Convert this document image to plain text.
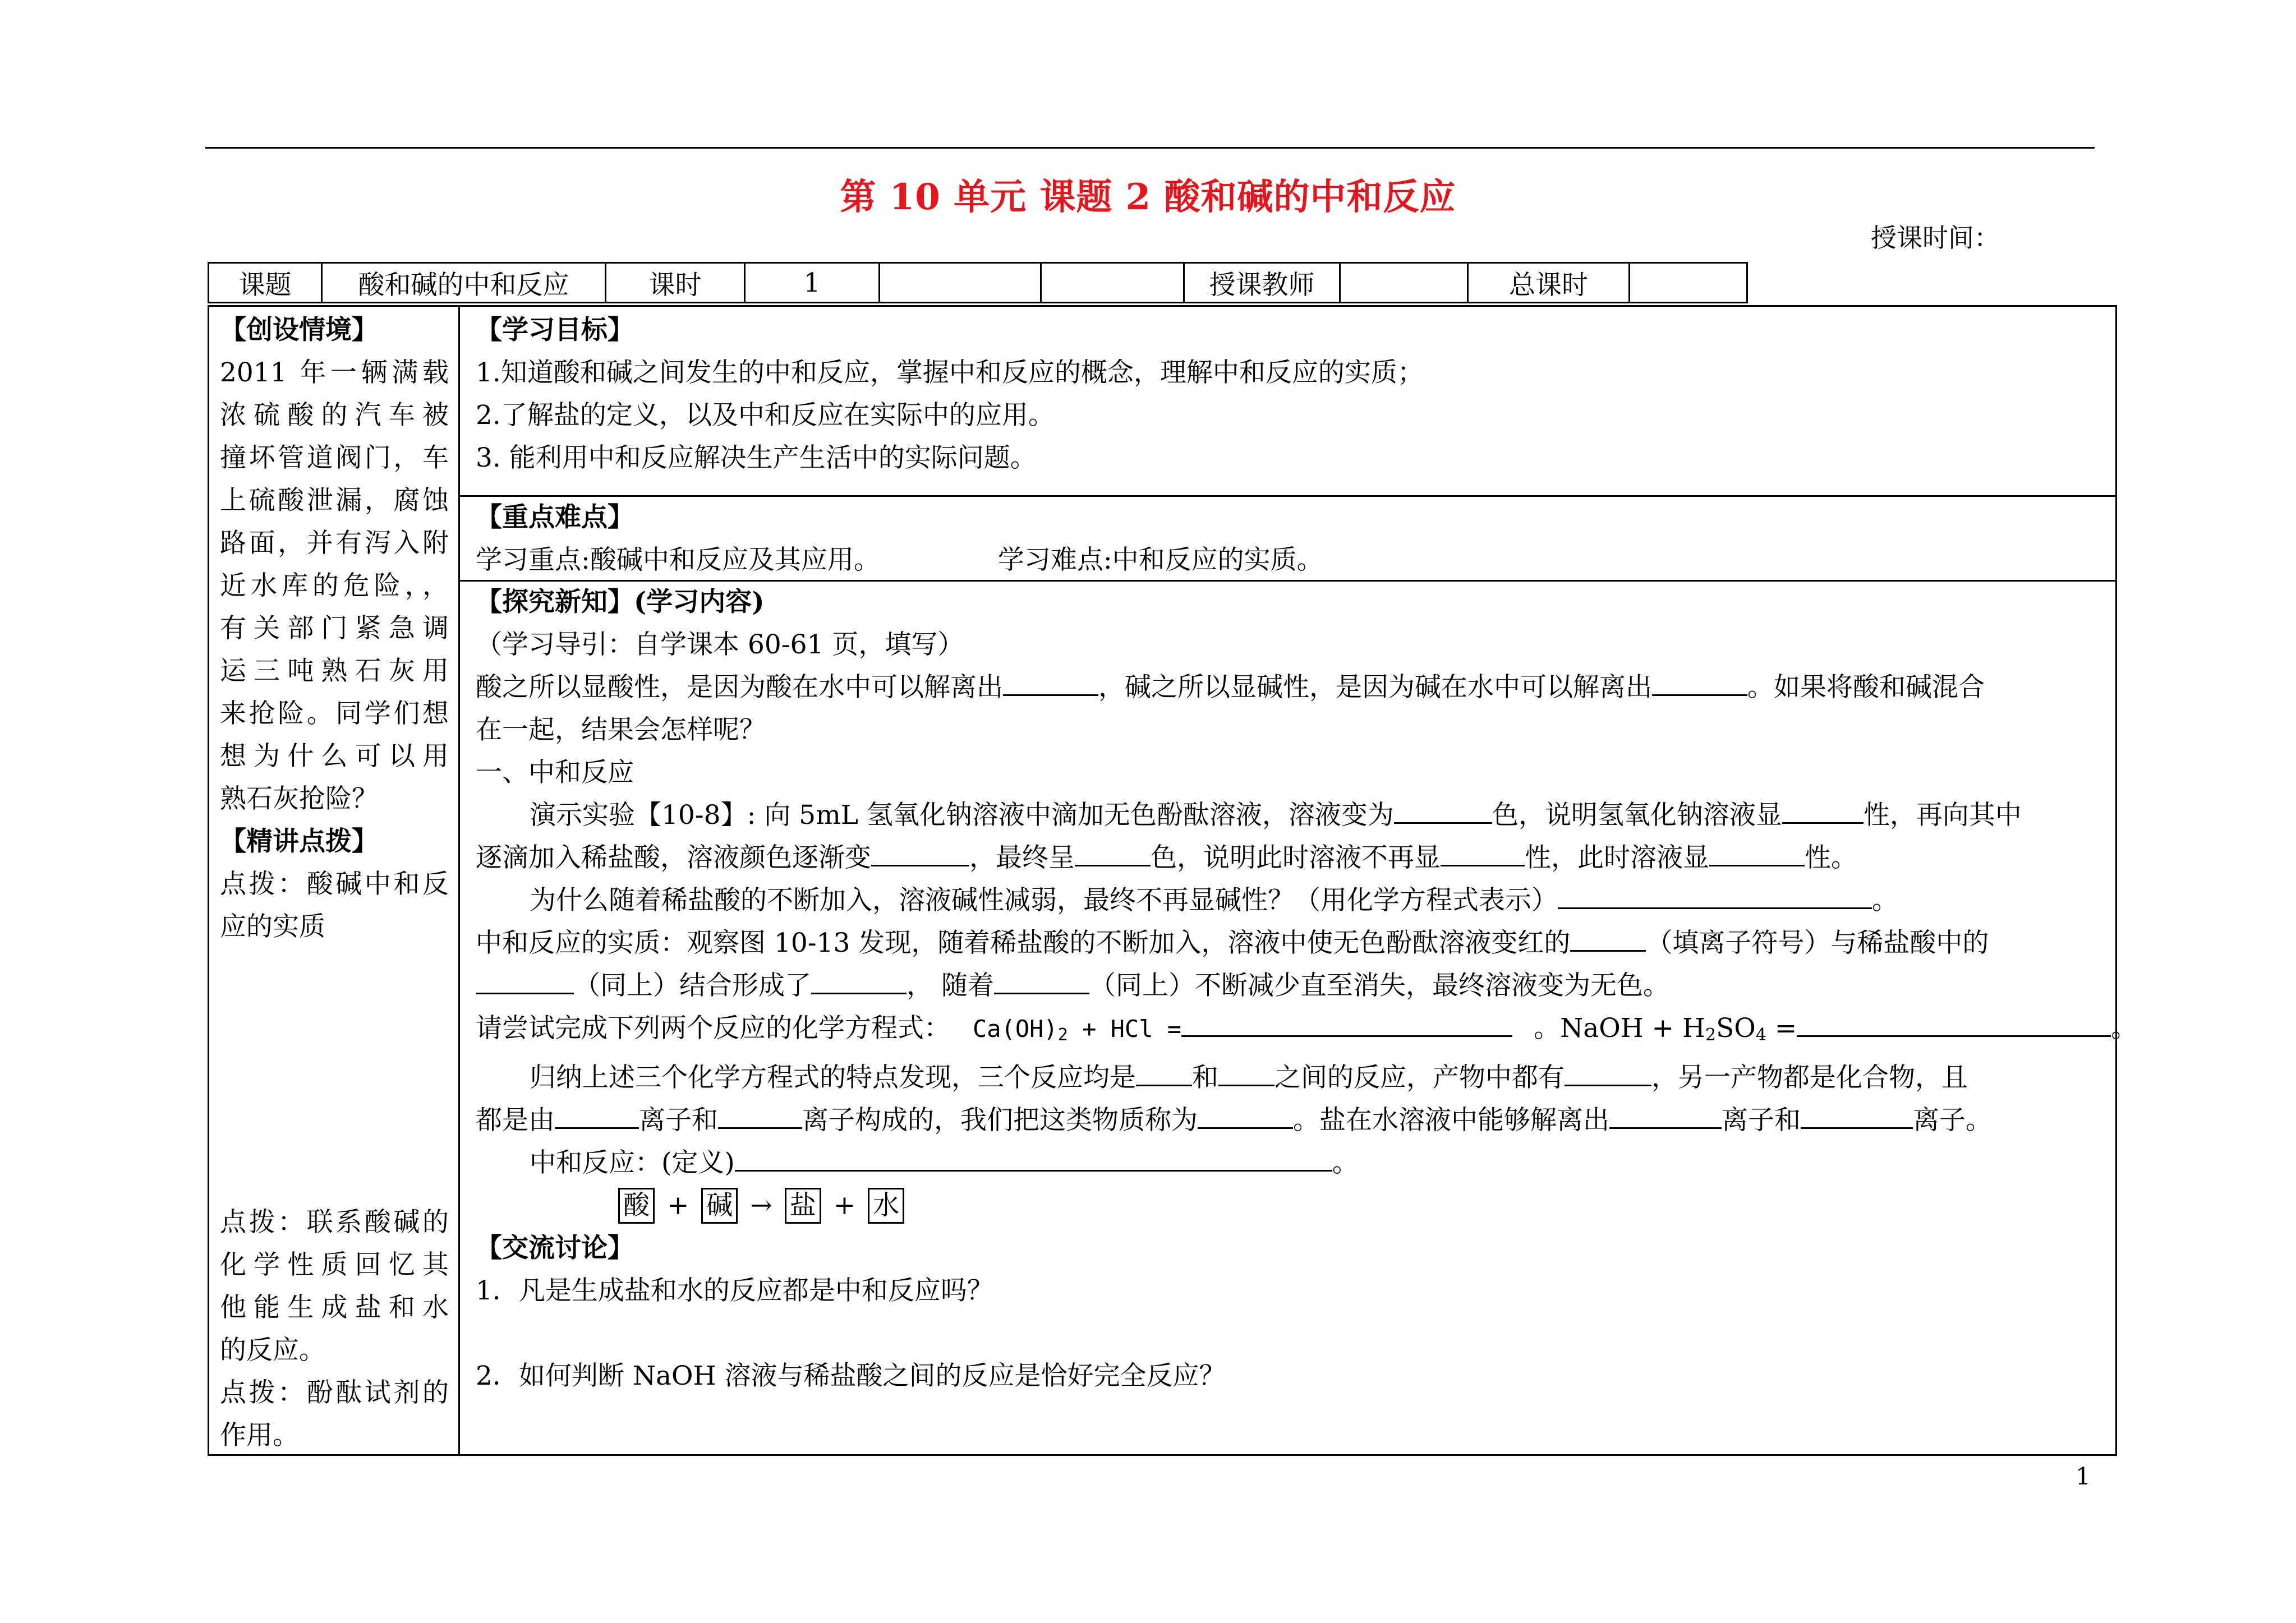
第 10 单元 课题 2 酸和碱的中和反应
授课时间：
课题	酸和碱的中和反应	课时	1			授课教师		总课时	

【创设情境】

2011 年一辆满载

浓硫酸的汽车被

撞坏管道阀门，车

上硫酸泄漏，腐蚀

路面，并有泻入附

近水库的危险，，

有关部门紧急调

运三吨熟石灰用

来抢险。同学们想

想为什么可以用

熟石灰抢险？

【精讲点拨】

点拨：酸碱中和反

应的实质

点拨：联系酸碱的

化学性质回忆其

他能生成盐和水

的反应。

点拨：酚酞试剂的

作用。

【学习目标】

1.知道酸和碱之间发生的中和反应，掌握中和反应的概念，理解中和反应的实质；

2.了解盐的定义，以及中和反应在实际中的应用。

3. 能利用中和反应解决生产生活中的实际问题。

【重点难点】

学习重点:酸碱中和反应及其应用。	学习难点:中和反应的实质。

【探究新知】(学习内容)

（学习导引：自学课本 60-61 页，填写）

酸之所以显酸性，是因为酸在水中可以解离出	，碱之所以显碱性，是因为碱在水中可以解离出	。如果将酸和碱混合

在一起，结果会怎样呢？

一、中和反应

演示实验【10-8】: 向 5mL 氢氧化钠溶液中滴加无色酚酞溶液，溶液变为	色，说明氢氧化钠溶液显	性，再向其中

逐滴加入稀盐酸，溶液颜色逐渐变	，最终呈	色，说明此时溶液不再显	性，此时溶液显	性。

为什么随着稀盐酸的不断加入，溶液碱性减弱，最终不再显碱性？（用化学方程式表示）	。

中和反应的实质：观察图 10-13 发现，随着稀盐酸的不断加入，溶液中使无色酚酞溶液变红的	（填离子符号）与稀盐酸中的

（同上）结合形成了	， 随着	（同上）不断减少直至消失，最终溶液变为无色。

请尝试完成下列两个反应的化学方程式： $Ca(OH)_2$ + HCl =	。NaOH + $H_2SO_4$ =	。

归纳上述三个化学方程式的特点发现，三个反应均是 和 之间的反应，产物中都有	，另一产物都是化合物，且

都是由	离子和	离子构成的，我们把这类物质称为	。盐在水溶液中能够解离出	离子和	离子。

中和反应：(定义)	。

酸 + 碱 → 盐 + 水

【交流讨论】

1．凡是生成盐和水的反应都是中和反应吗？

2．如何判断 NaOH 溶液与稀盐酸之间的反应是恰好完全反应？

1
